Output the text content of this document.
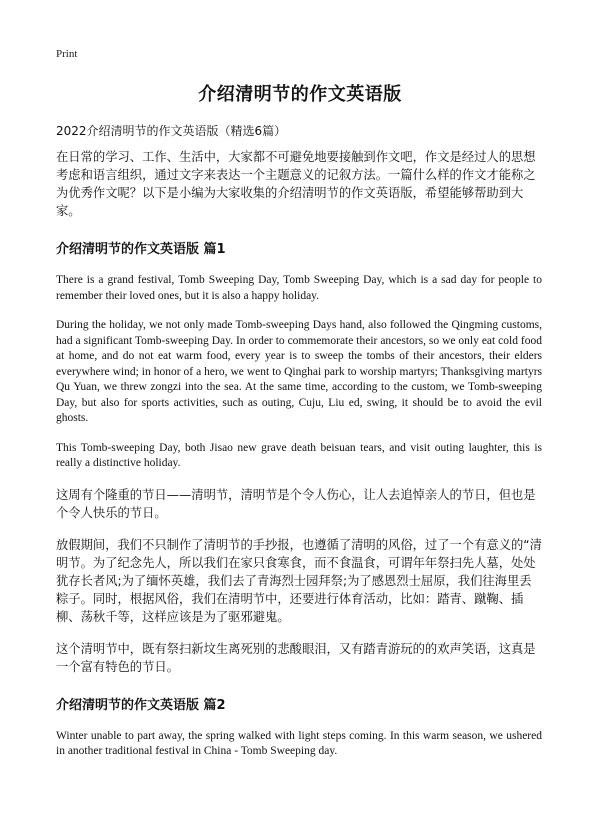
Print
介绍清明节的作文英语版

2022介绍清明节的作文英语版（精选6篇）

在日常的学习、工作、生活中，大家都不可避免地要接触到作文吧，作文是经过人的思想考虑和语言组织，通过文字来表达一个主题意义的记叙方法。一篇什么样的作文才能称之为优秀作文呢？以下是小编为大家收集的介绍清明节的作文英语版，希望能够帮助到大家。

介绍清明节的作文英语版 篇1

There is a grand festival, Tomb Sweeping Day, Tomb Sweeping Day, which is a sad day for people to remember their loved ones, but it is also a happy holiday.

During the holiday, we not only made Tomb-sweeping Days hand, also followed the Qingming customs, had a significant Tomb-sweeping Day. In order to commemorate their ancestors, so we only eat cold food at home, and do not eat warm food, every year is to sweep the tombs of their ancestors, their elders everywhere wind; in honor of a hero, we went to Qinghai park to worship martyrs; Thanksgiving martyrs Qu Yuan, we threw zongzi into the sea. At the same time, according to the custom, we Tomb-sweeping Day, but also for sports activities, such as outing, Cuju, Liu ed, swing, it should be to avoid the evil ghosts.

This Tomb-sweeping Day, both Jisao new grave death beisuan tears, and visit outing laughter, this is really a distinctive holiday.

这周有个隆重的节日——清明节，清明节是个令人伤心，让人去追悼亲人的节日，但也是个令人快乐的节日。

放假期间，我们不只制作了清明节的手抄报，也遵循了清明的风俗，过了一个有意义的“清明节。为了纪念先人，所以我们在家只食寒食，而不食温食，可谓年年祭扫先人墓，处处犹存长者风;为了缅怀英雄，我们去了青海烈士园拜祭;为了感恩烈士屈原，我们往海里丢粽子。同时，根据风俗，我们在清明节中，还要进行体育活动，比如：踏青、蹴鞠、插柳、荡秋千等，这样应该是为了驱邪避鬼。

这个清明节中，既有祭扫新坟生离死别的悲酸眼泪，又有踏青游玩的的欢声笑语，这真是一个富有特色的节日。

介绍清明节的作文英语版 篇2

Winter unable to part away, the spring walked with light steps coming. In this warm season, we ushered in another traditional festival in China - Tomb Sweeping day.
